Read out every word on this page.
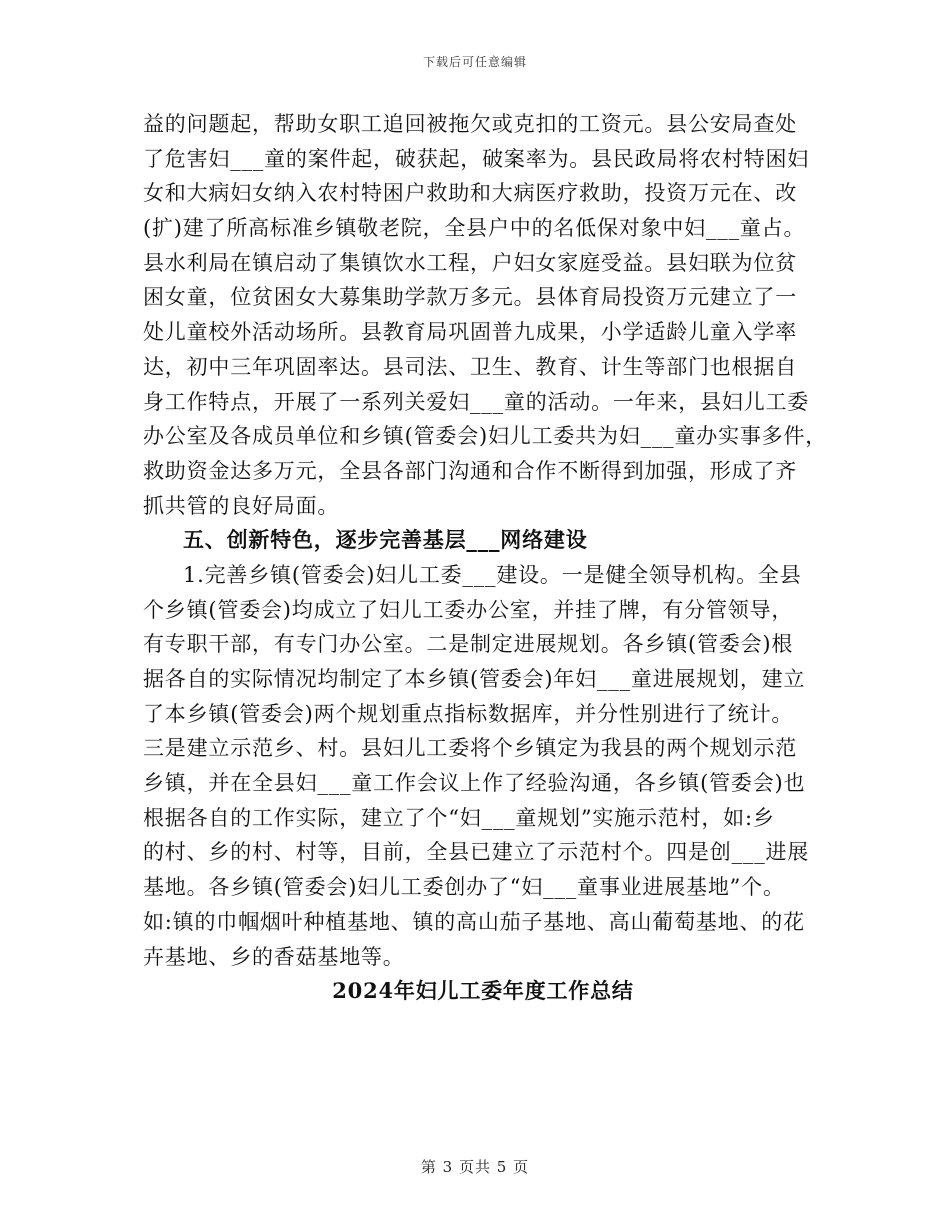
下载后可任意编辑
益的问题起，帮助女职工追回被拖欠或克扣的工资元。县公安局查处
了危害妇___童的案件起，破获起，破案率为。县民政局将农村特困妇
女和大病妇女纳入农村特困户救助和大病医疗救助，投资万元在、改
(扩)建了所高标准乡镇敬老院，全县户中的名低保对象中妇___童占。
县水利局在镇启动了集镇饮水工程，户妇女家庭受益。县妇联为位贫
困女童，位贫困女大募集助学款万多元。县体育局投资万元建立了一
处儿童校外活动场所。县教育局巩固普九成果，小学适龄儿童入学率
达，初中三年巩固率达。县司法、卫生、教育、计生等部门也根据自
身工作特点，开展了一系列关爱妇___童的活动。一年来，县妇儿工委
办公室及各成员单位和乡镇(管委会)妇儿工委共为妇___童办实事多件，
救助资金达多万元，全县各部门沟通和合作不断得到加强，形成了齐
抓共管的良好局面。
五、创新特色，逐步完善基层___网络建设
1.完善乡镇(管委会)妇儿工委___建设。一是健全领导机构。全县
个乡镇(管委会)均成立了妇儿工委办公室，并挂了牌，有分管领导，
有专职干部，有专门办公室。二是制定进展规划。各乡镇(管委会)根
据各自的实际情况均制定了本乡镇(管委会)年妇___童进展规划，建立
了本乡镇(管委会)两个规划重点指标数据库，并分性别进行了统计。
三是建立示范乡、村。县妇儿工委将个乡镇定为我县的两个规划示范
乡镇，并在全县妇___童工作会议上作了经验沟通，各乡镇(管委会)也
根据各自的工作实际，建立了个“妇___童规划”实施示范村，如:乡
的村、乡的村、村等，目前，全县已建立了示范村个。四是创___进展
基地。各乡镇(管委会)妇儿工委创办了“妇___童事业进展基地”个。
如:镇的巾帼烟叶种植基地、镇的高山茄子基地、高山葡萄基地、的花
卉基地、乡的香菇基地等。
2024年妇儿工委年度工作总结
第 3 页共 5 页
